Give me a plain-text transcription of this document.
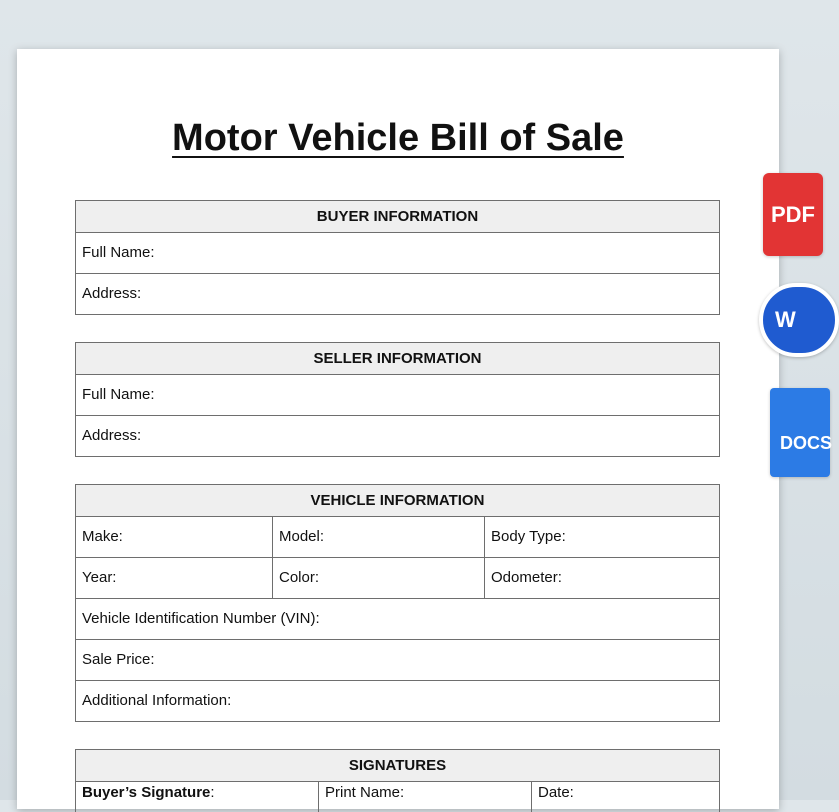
Motor Vehicle Bill of Sale
BUYER INFORMATION
Full Name:
Address:
SELLER INFORMATION
Full Name:
Address:
VEHICLE INFORMATION
Make:	Model:	Body Type:
Year:	Color:	Odometer:
Vehicle Identification Number (VIN):
Sale Price:
Additional Information:
SIGNATURES
Buyer’s Signature:	Print Name:	Date:
PDF
W
DOCS
